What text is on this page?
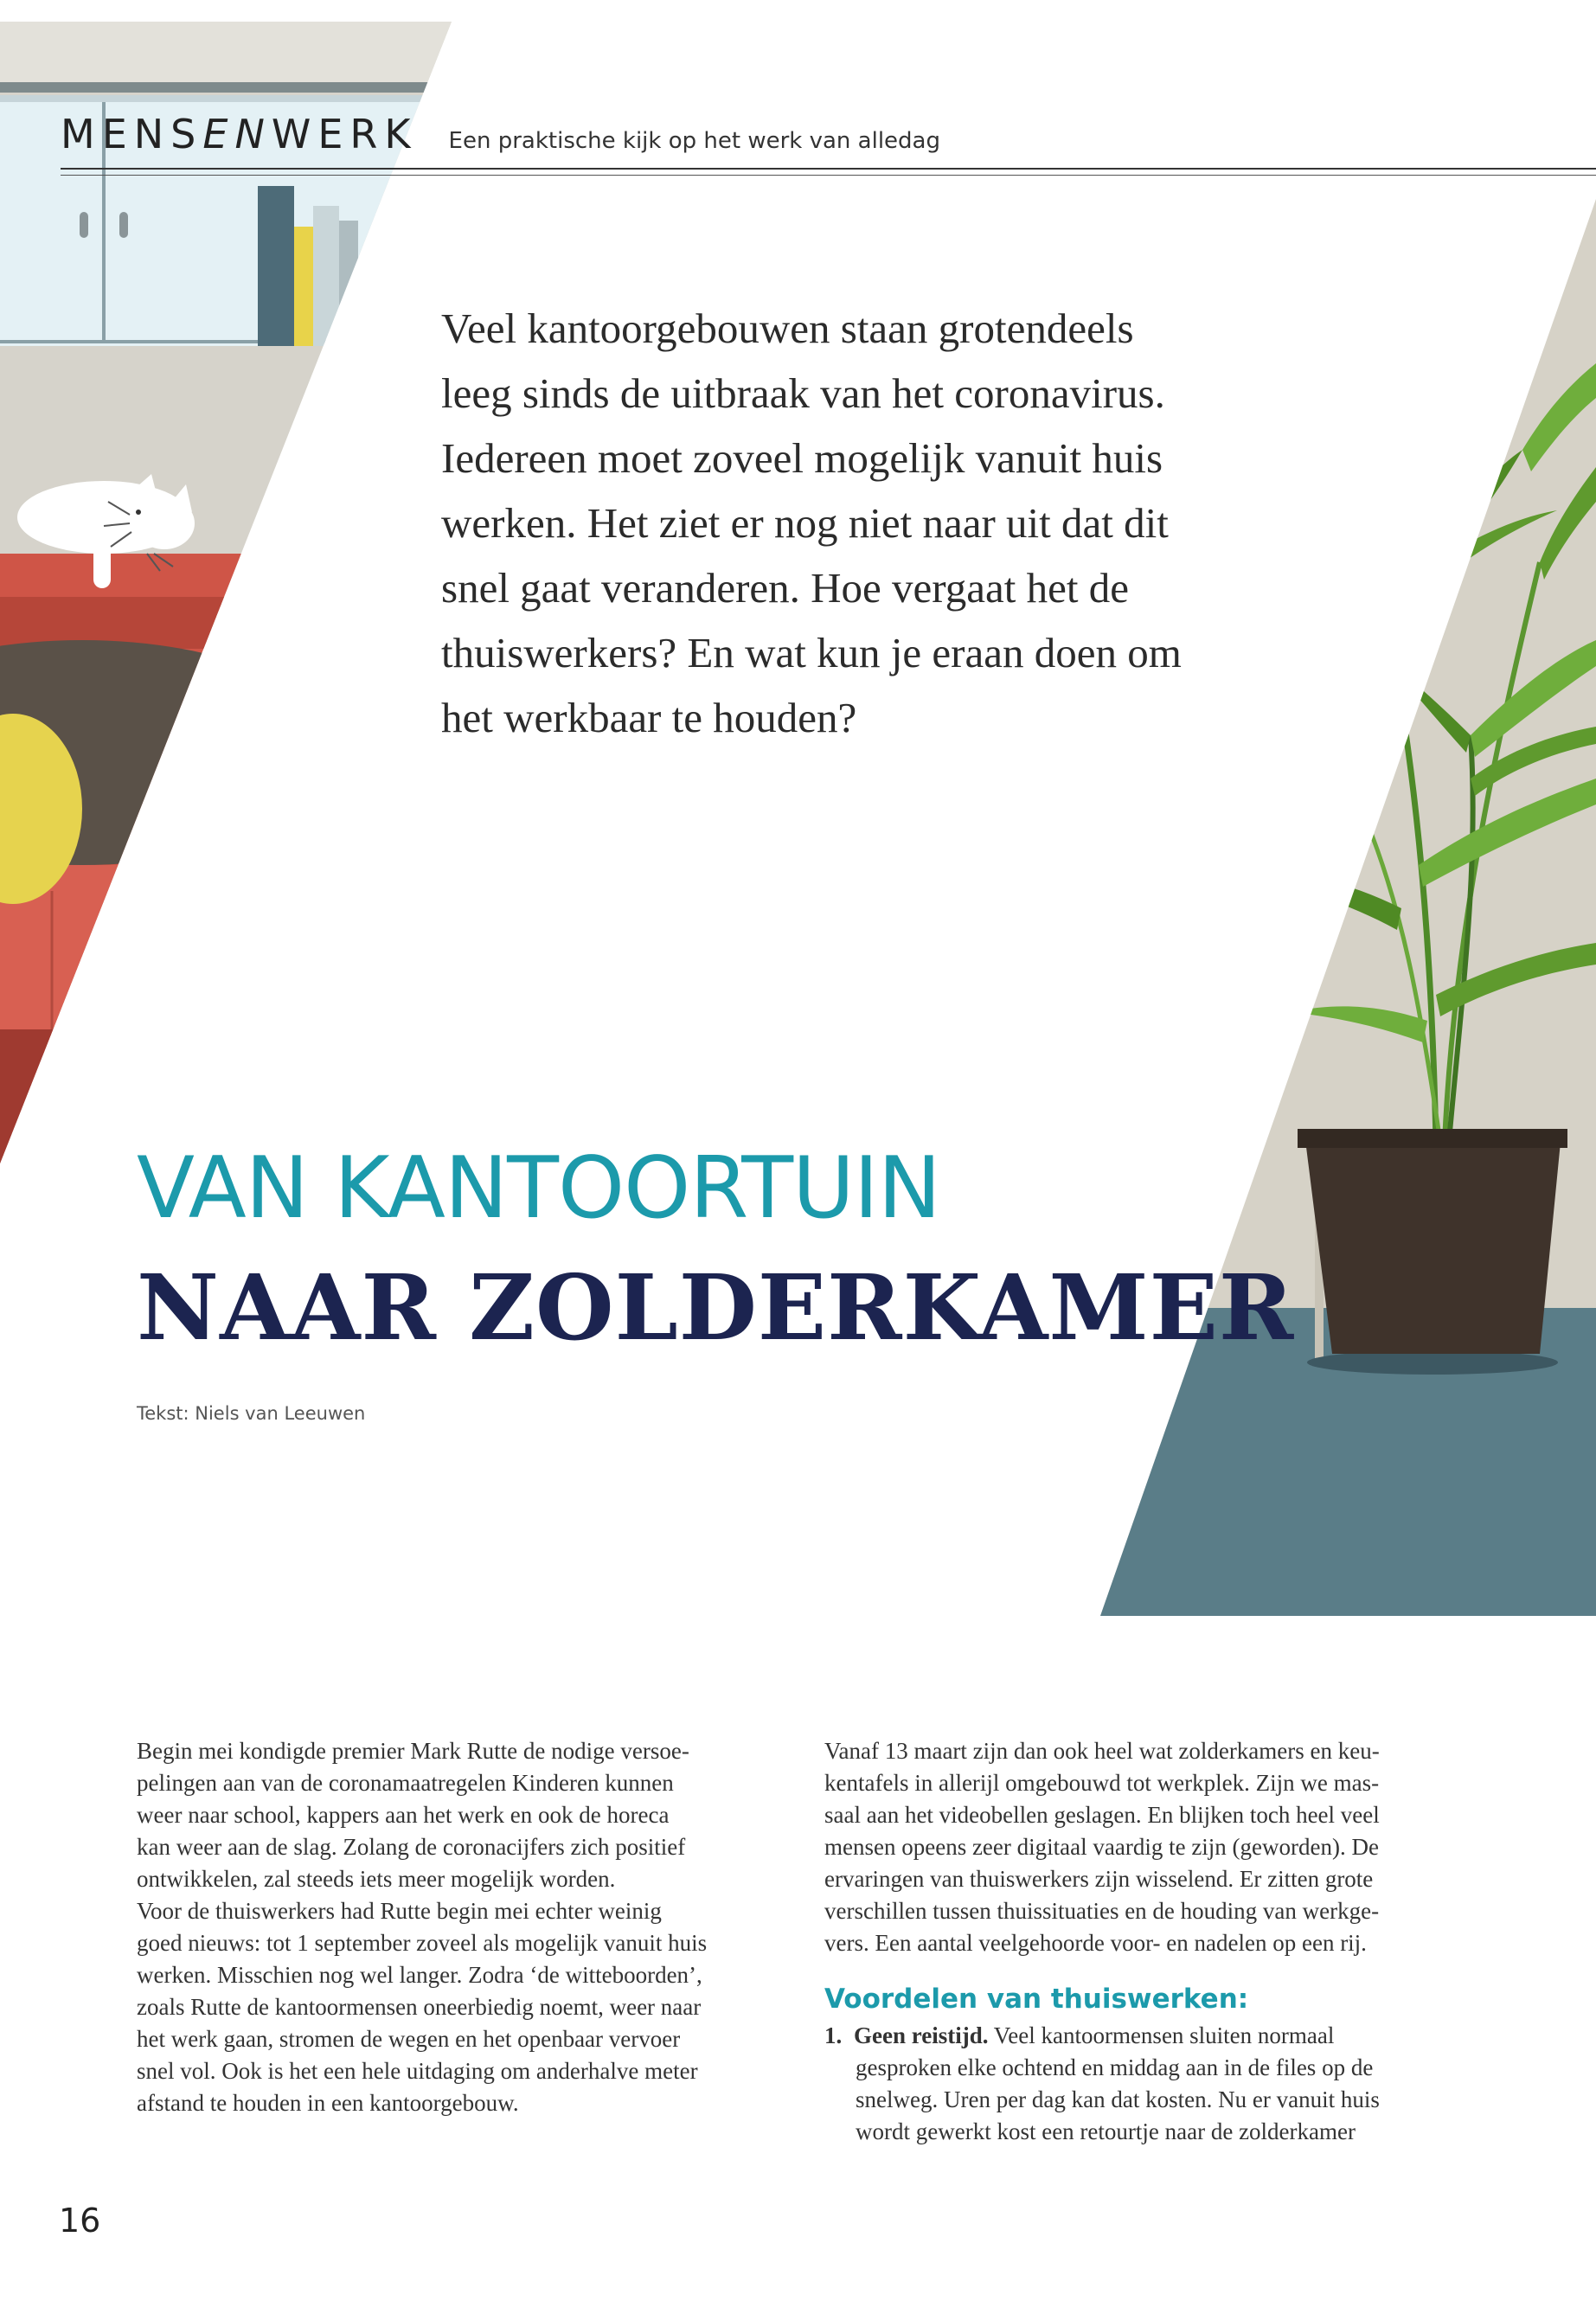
MENSENWERK Een praktische kijk op het werk van alledag
Veel kantoorgebouwen staan grotendeels
leeg sinds de uitbraak van het coronavirus.
Iedereen moet zoveel mogelijk vanuit huis
werken. Het ziet er nog niet naar uit dat dit
snel gaat veranderen. Hoe vergaat het de
thuiswerkers? En wat kun je eraan doen om
het werkbaar te houden?
VAN KANTOORTUIN
NAAR ZOLDERKAMER
Tekst: Niels van Leeuwen
Begin mei kondigde premier Mark Rutte de nodige versoe-
pelingen aan van de coronamaatregelen Kinderen kunnen
weer naar school, kappers aan het werk en ook de horeca
kan weer aan de slag. Zolang de coronacijfers zich positief
ontwikkelen, zal steeds iets meer mogelijk worden.
Voor de thuiswerkers had Rutte begin mei echter weinig
goed nieuws: tot 1 september zoveel als mogelijk vanuit huis
werken. Misschien nog wel langer. Zodra ‘de witteboorden’,
zoals Rutte de kantoormensen oneerbiedig noemt, weer naar
het werk gaan, stromen de wegen en het openbaar vervoer
snel vol. Ook is het een hele uitdaging om anderhalve meter
afstand te houden in een kantoorgebouw.
Vanaf 13 maart zijn dan ook heel wat zolderkamers en keu-
kentafels in allerijl omgebouwd tot werkplek. Zijn we mas-
saal aan het videobellen geslagen. En blijken toch heel veel
mensen opeens zeer digitaal vaardig te zijn (geworden). De
ervaringen van thuiswerkers zijn wisselend. Er zitten grote
verschillen tussen thuissituaties en de houding van werkge-
vers. Een aantal veelgehoorde voor- en nadelen op een rij.
Voordelen van thuiswerken:
1. Geen reistijd. Veel kantoormensen sluiten normaal
gesproken elke ochtend en middag aan in de files op de
snelweg. Uren per dag kan dat kosten. Nu er vanuit huis
wordt gewerkt kost een retourtje naar de zolderkamer
16
